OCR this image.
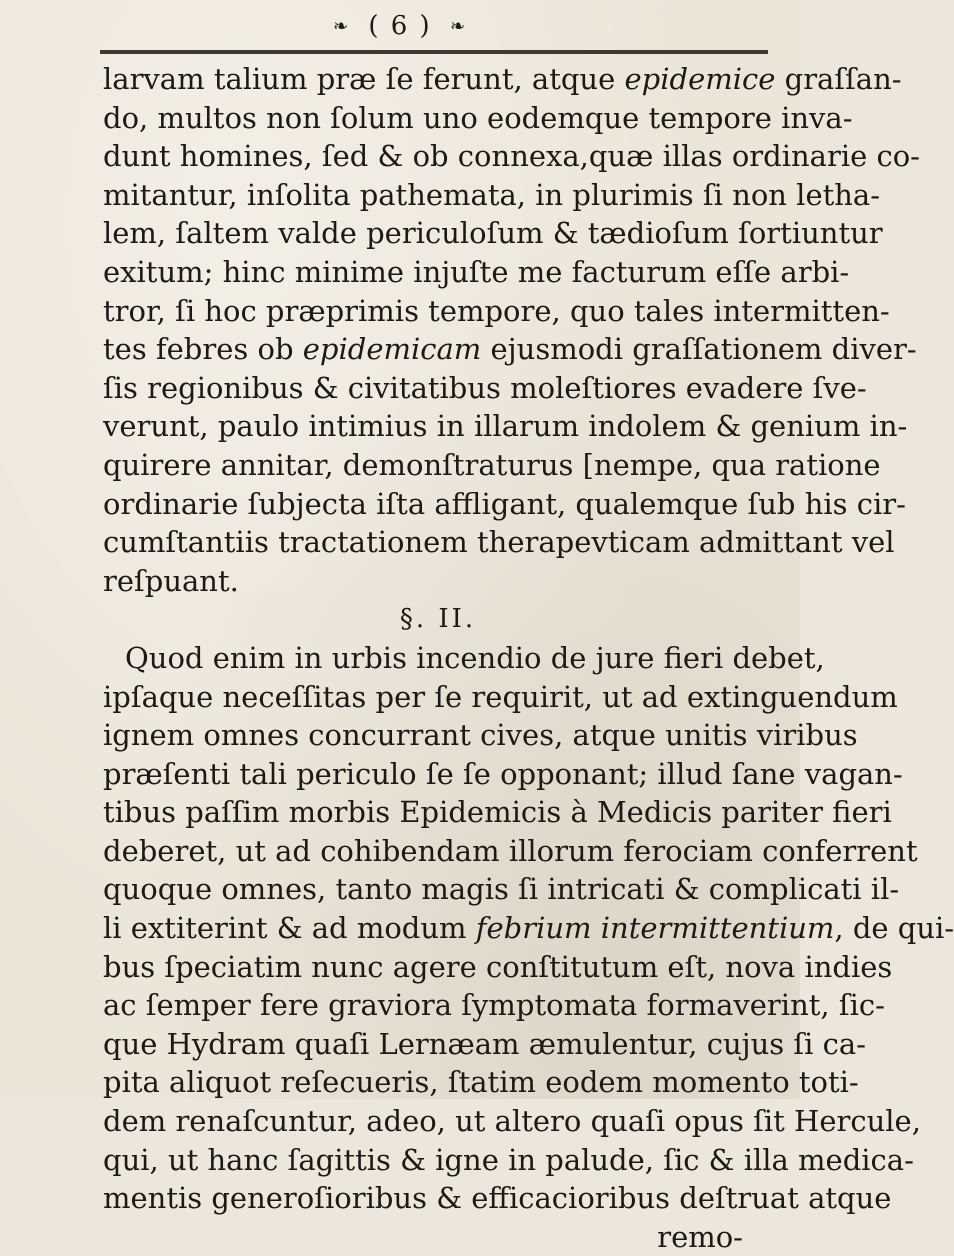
❧ ( 6 ) ❧
larvam talium præ ſe ferunt, atque epidemice graſſan-
do, multos non ſolum uno eodemque tempore inva-
dunt homines, ſed & ob connexa,quæ illas ordinarie co-
mitantur, inſolita pathemata, in plurimis ſi non letha-
lem, ſaltem valde periculoſum & tædioſum ſortiuntur
exitum; hinc minime injuſte me facturum eſſe arbi-
tror, ſi hoc præprimis tempore, quo tales intermitten-
tes febres ob epidemicam ejusmodi graſſationem diver-
ſis regionibus & civitatibus moleſtiores evadere ſve-
verunt, paulo intimius in illarum indolem & genium in-
quirere annitar, demonſtraturus [nempe, qua ratione
ordinarie ſubjecta iſta affligant, qualemque ſub his cir-
cumſtantiis tractationem therapevticam admittant vel
reſpuant.
§. II.
Quod enim in urbis incendio de jure fieri debet,
ipſaque neceſſitas per ſe requirit, ut ad extinguendum
ignem omnes concurrant cives, atque unitis viribus
præſenti tali periculo ſe ſe opponant; illud ſane vagan-
tibus paſſim morbis Epidemicis à Medicis pariter fieri
deberet, ut ad cohibendam illorum ferociam conferrent
quoque omnes, tanto magis ſi intricati & complicati il-
li extiterint & ad modum febrium intermittentium, de qui-
bus ſpeciatim nunc agere conſtitutum eſt, nova indies
ac ſemper fere graviora ſymptomata formaverint, ſic-
que Hydram quaſi Lernæam æmulentur, cujus ſi ca-
pita aliquot reſecueris, ſtatim eodem momento toti-
dem renaſcuntur, adeo, ut altero quaſi opus ſit Hercule,
qui, ut hanc ſagittis & igne in palude, ſic & illa medica-
mentis generoſioribus & efficacioribus deſtruat atque
remo-
